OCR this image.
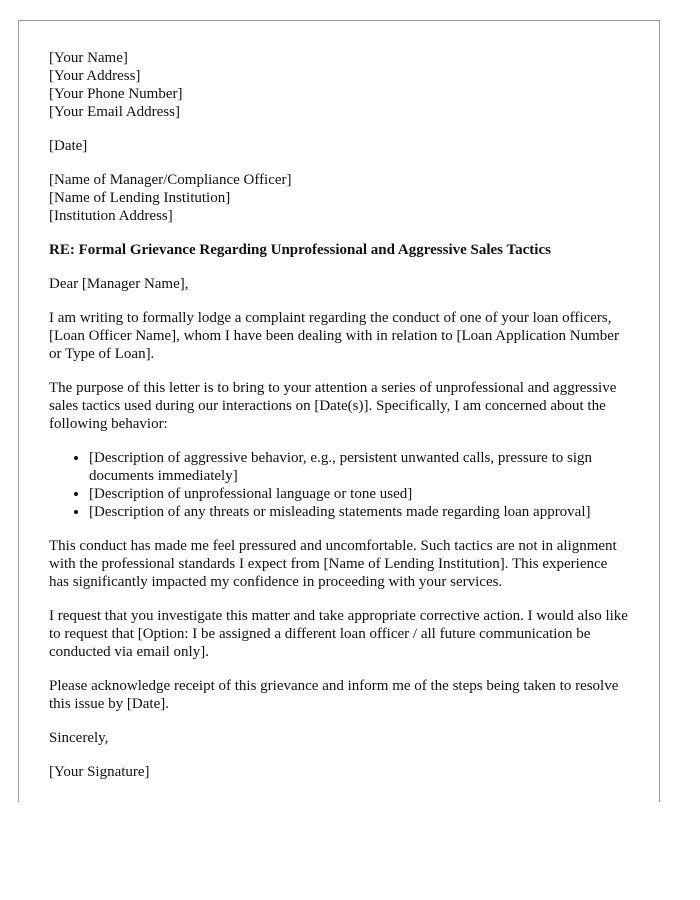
[Your Name]
[Your Address]
[Your Phone Number]
[Your Email Address]
[Date]
[Name of Manager/Compliance Officer]
[Name of Lending Institution]
[Institution Address]
RE: Formal Grievance Regarding Unprofessional and Aggressive Sales Tactics

Dear [Manager Name],

I am writing to formally lodge a complaint regarding the conduct of one of your loan officers, [Loan Officer Name], whom I have been dealing with in relation to [Loan Application Number or Type of Loan].

The purpose of this letter is to bring to your attention a series of unprofessional and aggressive sales tactics used during our interactions on [Date(s)]. Specifically, I am concerned about the following behavior:

• [Description of aggressive behavior, e.g., persistent unwanted calls, pressure to sign documents immediately]
• [Description of unprofessional language or tone used]
• [Description of any threats or misleading statements made regarding loan approval]

This conduct has made me feel pressured and uncomfortable. Such tactics are not in alignment with the professional standards I expect from [Name of Lending Institution]. This experience has significantly impacted my confidence in proceeding with your services.

I request that you investigate this matter and take appropriate corrective action. I would also like to request that [Option: I be assigned a different loan officer / all future communication be conducted via email only].

Please acknowledge receipt of this grievance and inform me of the steps being taken to resolve this issue by [Date].

Sincerely,

[Your Signature]
